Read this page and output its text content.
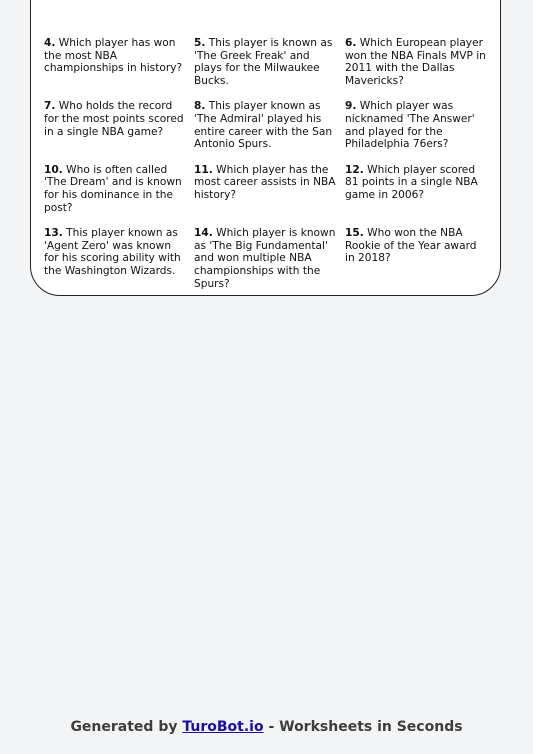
4. Which player has won the most NBA championships in history?
5. This player is known as 'The Greek Freak' and plays for the Milwaukee Bucks.
6. Which European player won the NBA Finals MVP in 2011 with the Dallas Mavericks?
7. Who holds the record for the most points scored in a single NBA game?
8. This player known as 'The Admiral' played his entire career with the San Antonio Spurs.
9. Which player was nicknamed 'The Answer' and played for the Philadelphia 76ers?
10. Who is often called 'The Dream' and is known for his dominance in the post?
11. Which player has the most career assists in NBA history?
12. Which player scored 81 points in a single NBA game in 2006?
13. This player known as 'Agent Zero' was known for his scoring ability with the Washington Wizards.
14. Which player is known as 'The Big Fundamental' and won multiple NBA championships with the Spurs?
15. Who won the NBA Rookie of the Year award in 2018?
Generated by TuroBot.io - Worksheets in Seconds
